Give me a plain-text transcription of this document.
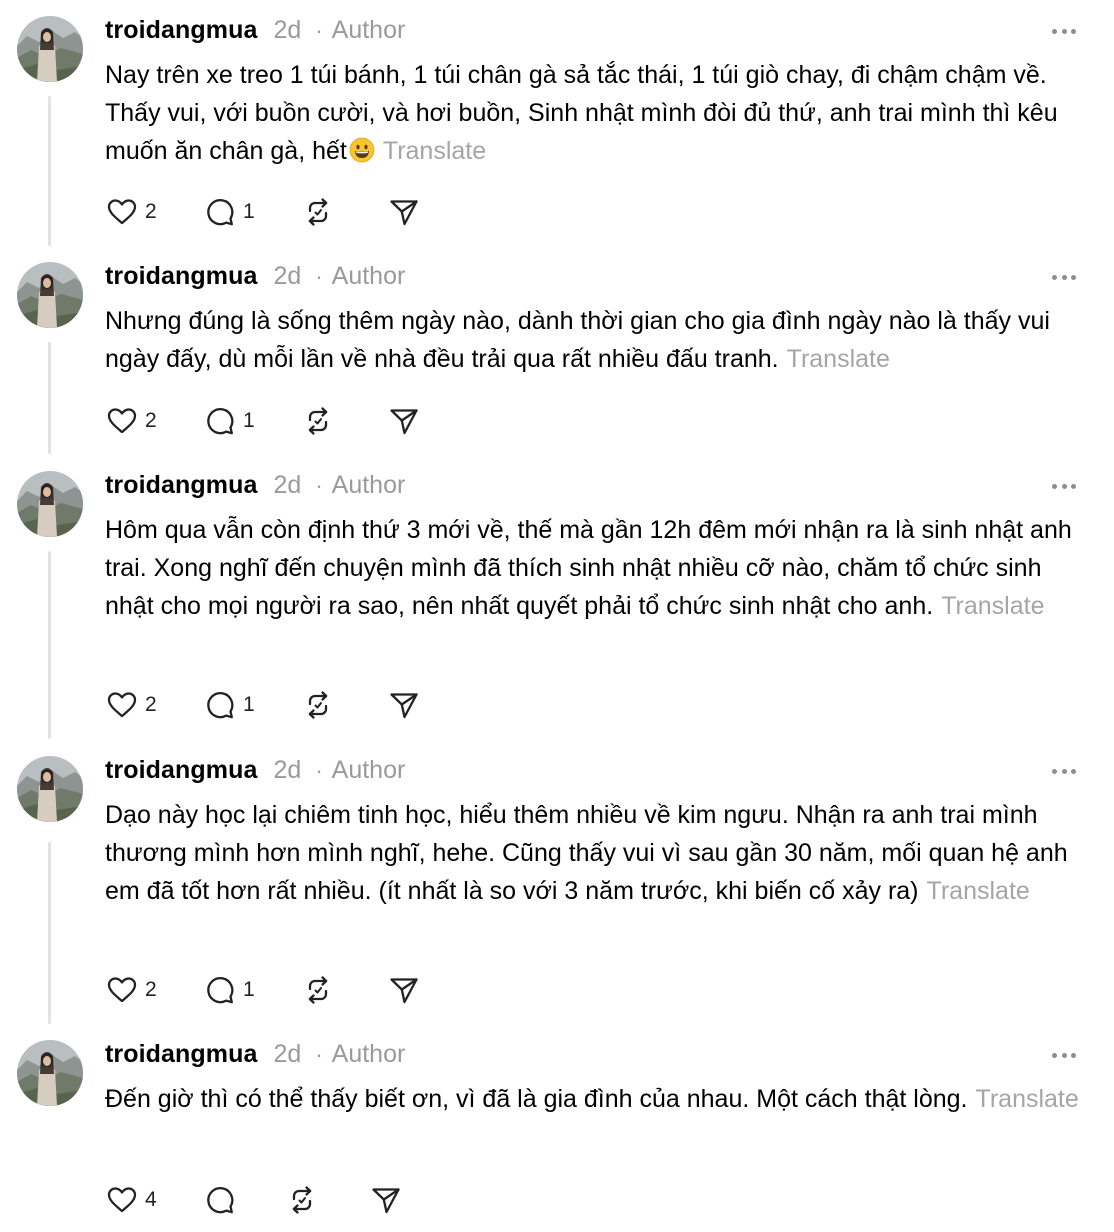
troidangmua 2d · Author

Nay trên xe treo 1 túi bánh, 1 túi chân gà sả tắc thái, 1 túi giò chay, đi chậm chậm về. Thấy vui, với buồn cười, và hơi buồn, Sinh nhật mình đòi đủ thứ, anh trai mình thì kêu muốn ăn chân gà, hết Translate

2	1
troidangmua 2d · Author

Nhưng đúng là sống thêm ngày nào, dành thời gian cho gia đình ngày nào là thấy vui ngày đấy, dù mỗi lần về nhà đều trải qua rất nhiều đấu tranh. Translate

2	1
troidangmua 2d · Author

Hôm qua vẫn còn định thứ 3 mới về, thế mà gần 12h đêm mới nhận ra là sinh nhật anh trai. Xong nghĩ đến chuyện mình đã thích sinh nhật nhiều cỡ nào, chăm tổ chức sinh nhật cho mọi người ra sao, nên nhất quyết phải tổ chức sinh nhật cho anh. Translate

2	1
troidangmua 2d · Author

Dạo này học lại chiêm tinh học, hiểu thêm nhiều về kim ngưu. Nhận ra anh trai mình thương mình hơn mình nghĩ, hehe. Cũng thấy vui vì sau gần 30 năm, mối quan hệ anh em đã tốt hơn rất nhiều. (ít nhất là so với 3 năm trước, khi biến cố xảy ra) Translate

2	1
troidangmua 2d · Author

Đến giờ thì có thể thấy biết ơn, vì đã là gia đình của nhau. Một cách thật lòng. Translate

4
